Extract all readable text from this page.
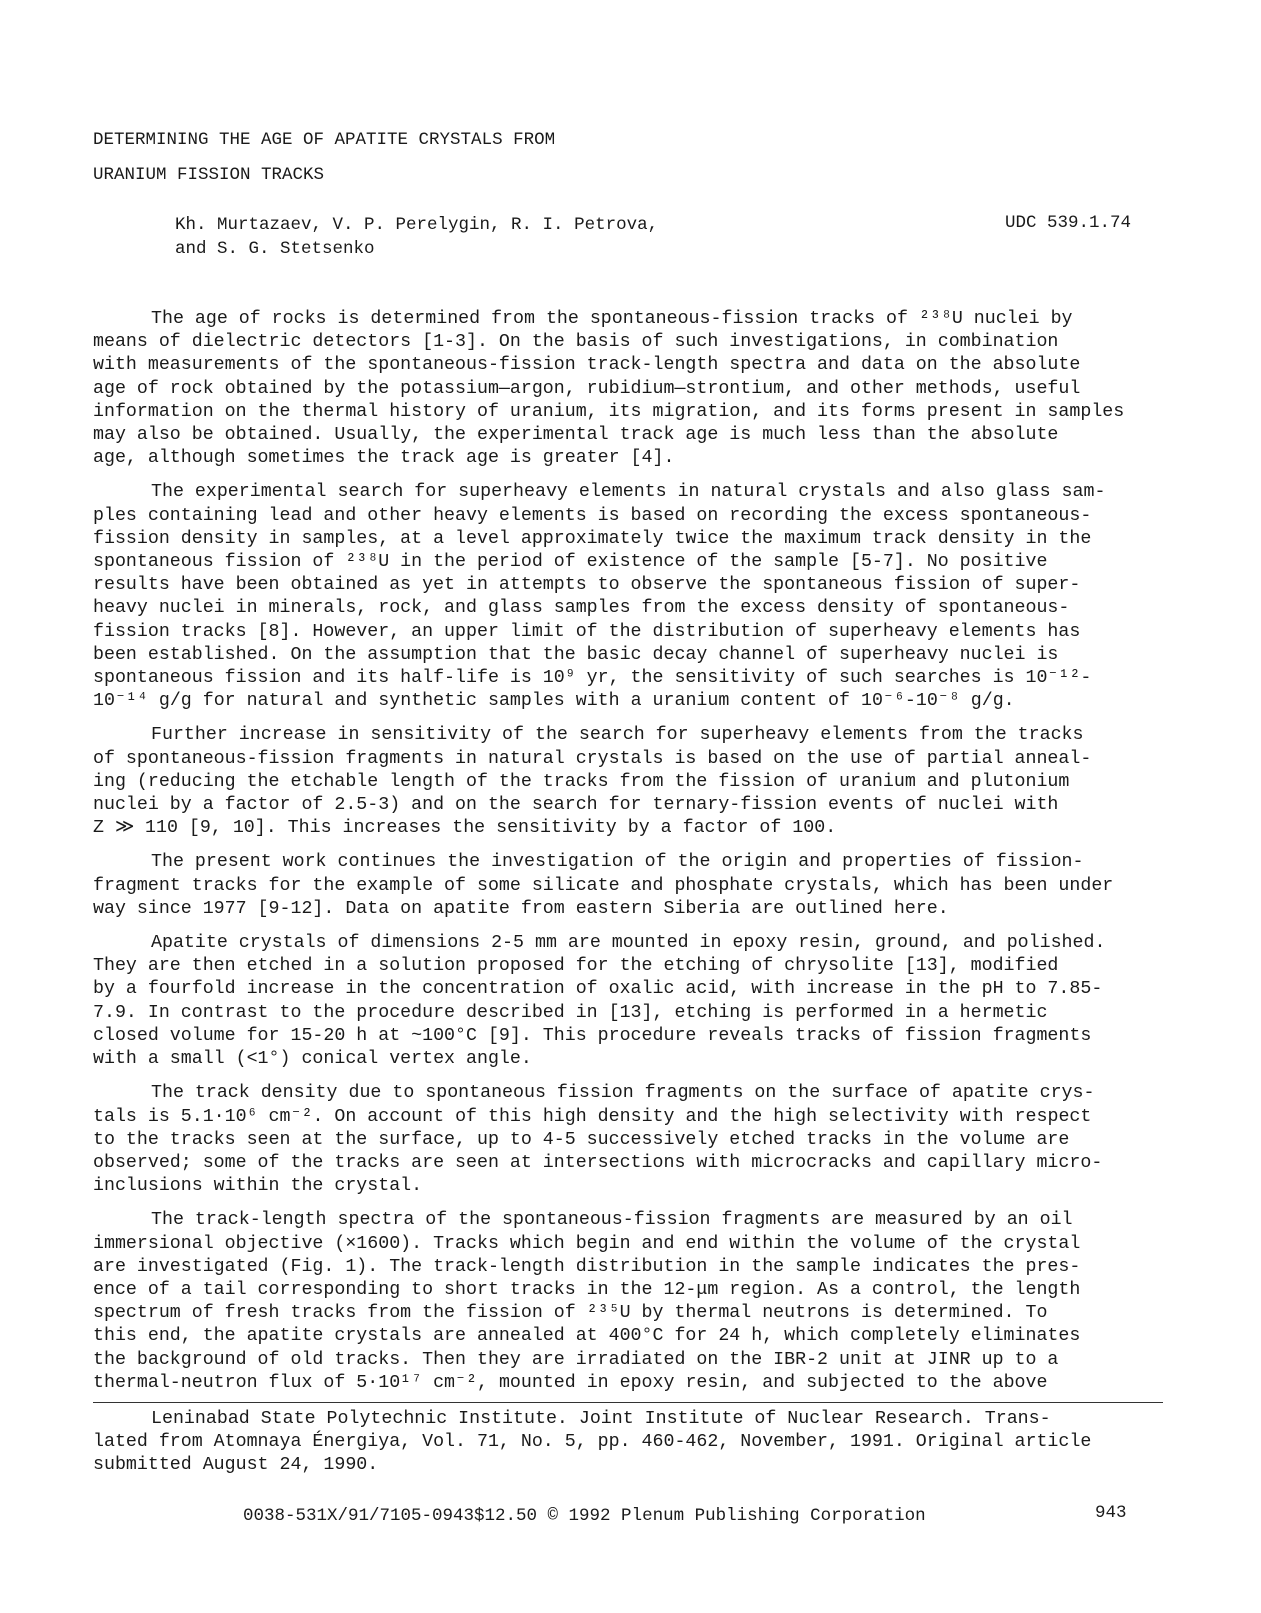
DETERMINING THE AGE OF APATITE CRYSTALS FROM
URANIUM FISSION TRACKS
Kh. Murtazaev, V. P. Perelygin, R. I. Petrova,
and S. G. Stetsenko
UDC 539.1.74
The age of rocks is determined from the spontaneous-fission tracks of ²³⁸U nuclei by
means of dielectric detectors [1-3]. On the basis of such investigations, in combination
with measurements of the spontaneous-fission track-length spectra and data on the absolute
age of rock obtained by the potassium—argon, rubidium—strontium, and other methods, useful
information on the thermal history of uranium, its migration, and its forms present in samples
may also be obtained. Usually, the experimental track age is much less than the absolute
age, although sometimes the track age is greater [4].
The experimental search for superheavy elements in natural crystals and also glass sam-
ples containing lead and other heavy elements is based on recording the excess spontaneous-
fission density in samples, at a level approximately twice the maximum track density in the
spontaneous fission of ²³⁸U in the period of existence of the sample [5-7]. No positive
results have been obtained as yet in attempts to observe the spontaneous fission of super-
heavy nuclei in minerals, rock, and glass samples from the excess density of spontaneous-
fission tracks [8]. However, an upper limit of the distribution of superheavy elements has
been established. On the assumption that the basic decay channel of superheavy nuclei is
spontaneous fission and its half-life is 10⁹ yr, the sensitivity of such searches is 10⁻¹²-
10⁻¹⁴ g/g for natural and synthetic samples with a uranium content of 10⁻⁶-10⁻⁸ g/g.
Further increase in sensitivity of the search for superheavy elements from the tracks
of spontaneous-fission fragments in natural crystals is based on the use of partial anneal-
ing (reducing the etchable length of the tracks from the fission of uranium and plutonium
nuclei by a factor of 2.5-3) and on the search for ternary-fission events of nuclei with
Z ≫ 110 [9, 10]. This increases the sensitivity by a factor of 100.
The present work continues the investigation of the origin and properties of fission-
fragment tracks for the example of some silicate and phosphate crystals, which has been under
way since 1977 [9-12]. Data on apatite from eastern Siberia are outlined here.
Apatite crystals of dimensions 2-5 mm are mounted in epoxy resin, ground, and polished.
They are then etched in a solution proposed for the etching of chrysolite [13], modified
by a fourfold increase in the concentration of oxalic acid, with increase in the pH to 7.85-
7.9. In contrast to the procedure described in [13], etching is performed in a hermetic
closed volume for 15-20 h at ~100°C [9]. This procedure reveals tracks of fission fragments
with a small (<1°) conical vertex angle.
The track density due to spontaneous fission fragments on the surface of apatite crys-
tals is 5.1·10⁶ cm⁻². On account of this high density and the high selectivity with respect
to the tracks seen at the surface, up to 4-5 successively etched tracks in the volume are
observed; some of the tracks are seen at intersections with microcracks and capillary micro-
inclusions within the crystal.
The track-length spectra of the spontaneous-fission fragments are measured by an oil
immersional objective (×1600). Tracks which begin and end within the volume of the crystal
are investigated (Fig. 1). The track-length distribution in the sample indicates the pres-
ence of a tail corresponding to short tracks in the 12-μm region. As a control, the length
spectrum of fresh tracks from the fission of ²³⁵U by thermal neutrons is determined. To
this end, the apatite crystals are annealed at 400°C for 24 h, which completely eliminates
the background of old tracks. Then they are irradiated on the IBR-2 unit at JINR up to a
thermal-neutron flux of 5·10¹⁷ cm⁻², mounted in epoxy resin, and subjected to the above
Leninabad State Polytechnic Institute. Joint Institute of Nuclear Research. Trans-
lated from Atomnaya Énergiya, Vol. 71, No. 5, pp. 460-462, November, 1991. Original article
submitted August 24, 1990.
0038-531X/91/7105-0943$12.50 © 1992 Plenum Publishing Corporation	943
